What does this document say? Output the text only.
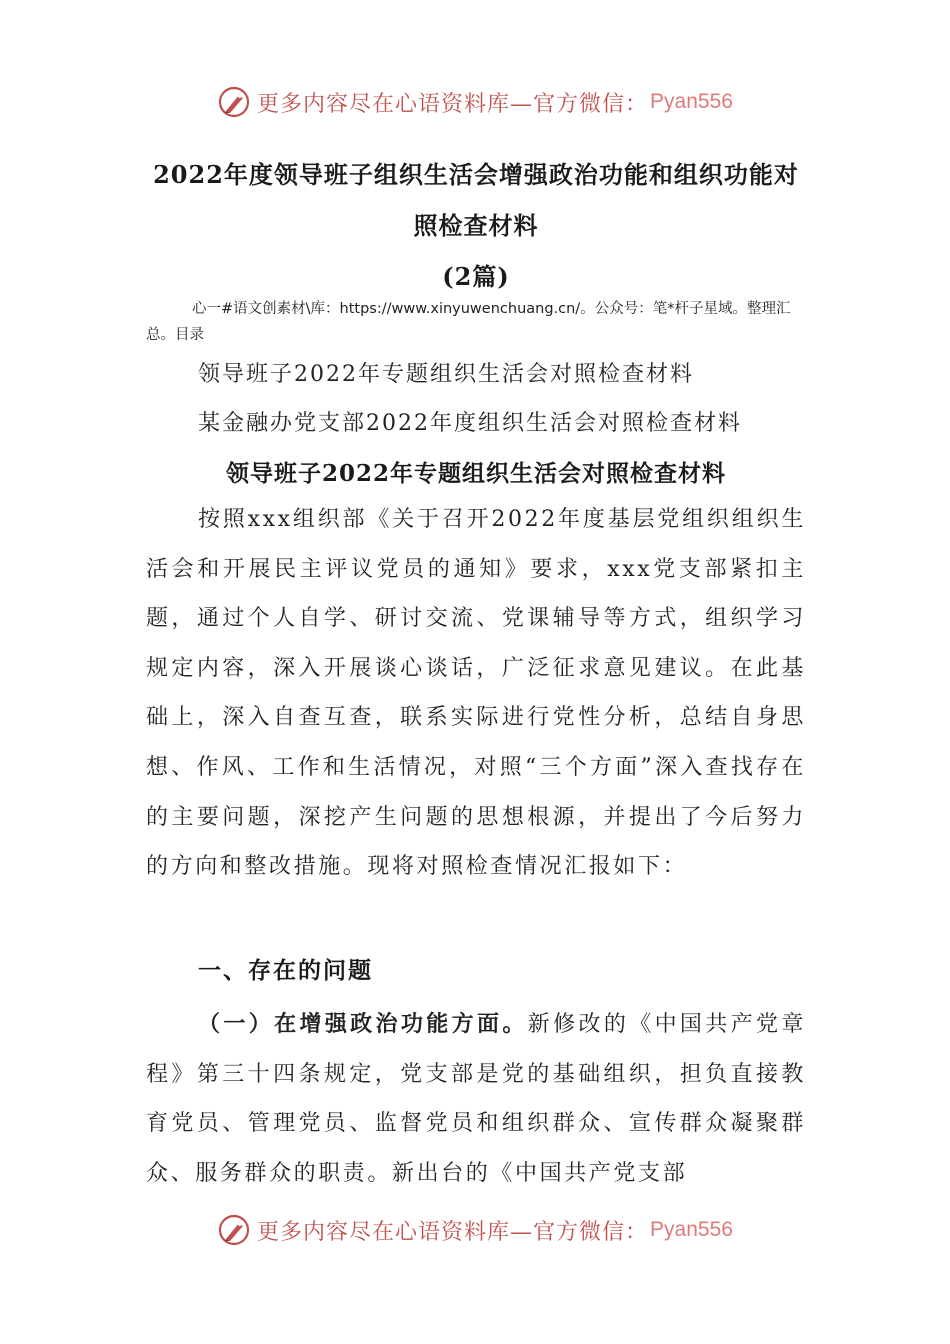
更多内容尽在心语资料库—官方微信： Pyan556
2022年度领导班子组织生活会增强政治功能和组织功能对
照检查材料
(2篇)
心一#语文创素材\库：https://www.xinyuwenchuang.cn/。公众号：笔*杆子星域。整理汇总。目录
领导班子2022年专题组织生活会对照检查材料
某金融办党支部2022年度组织生活会对照检查材料
领导班子2022年专题组织生活会对照检查材料
按照xxx组织部《关于召开2022年度基层党组织组织生活会和开展民主评议党员的通知》要求，xxx党支部紧扣主题，通过个人自学、研讨交流、党课辅导等方式，组织学习规定内容，深入开展谈心谈话，广泛征求意见建议。在此基础上，深入自查互查，联系实际进行党性分析，总结自身思想、作风、工作和生活情况，对照“三个方面”深入查找存在的主要问题，深挖产生问题的思想根源，并提出了今后努力的方向和整改措施。现将对照检查情况汇报如下：
一、存在的问题
（一）在增强政治功能方面。新修改的《中国共产党章程》第三十四条规定，党支部是党的基础组织，担负直接教育党员、管理党员、监督党员和组织群众、宣传群众凝聚群众、服务群众的职责。新出台的《中国共产党支部
更多内容尽在心语资料库—官方微信： Pyan556
